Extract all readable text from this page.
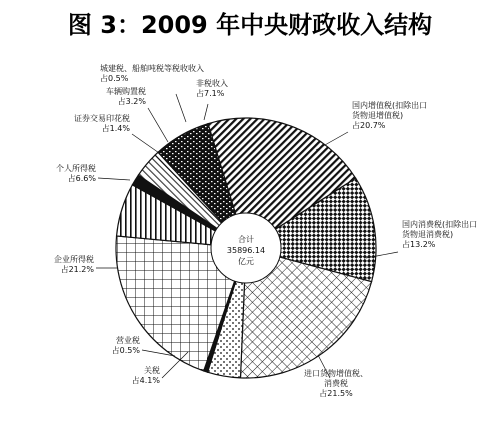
图 3：2009 年中央财政收入结构
国内增值税(扣除出口货物退增值税)占20.7%
国内消费税(扣除出口货物退消费税)占13.2%
进口货物增值税、消费税占21.5%
关税占4.1%
营业税占0.5%
企业所得税占21.2%
个人所得税占6.6%
证券交易印花税占1.4%
车辆购置税占3.2%
城建税、船舶吨税等税收收入占0.5%
非税收入占7.1%
合计 35896.14 亿元
